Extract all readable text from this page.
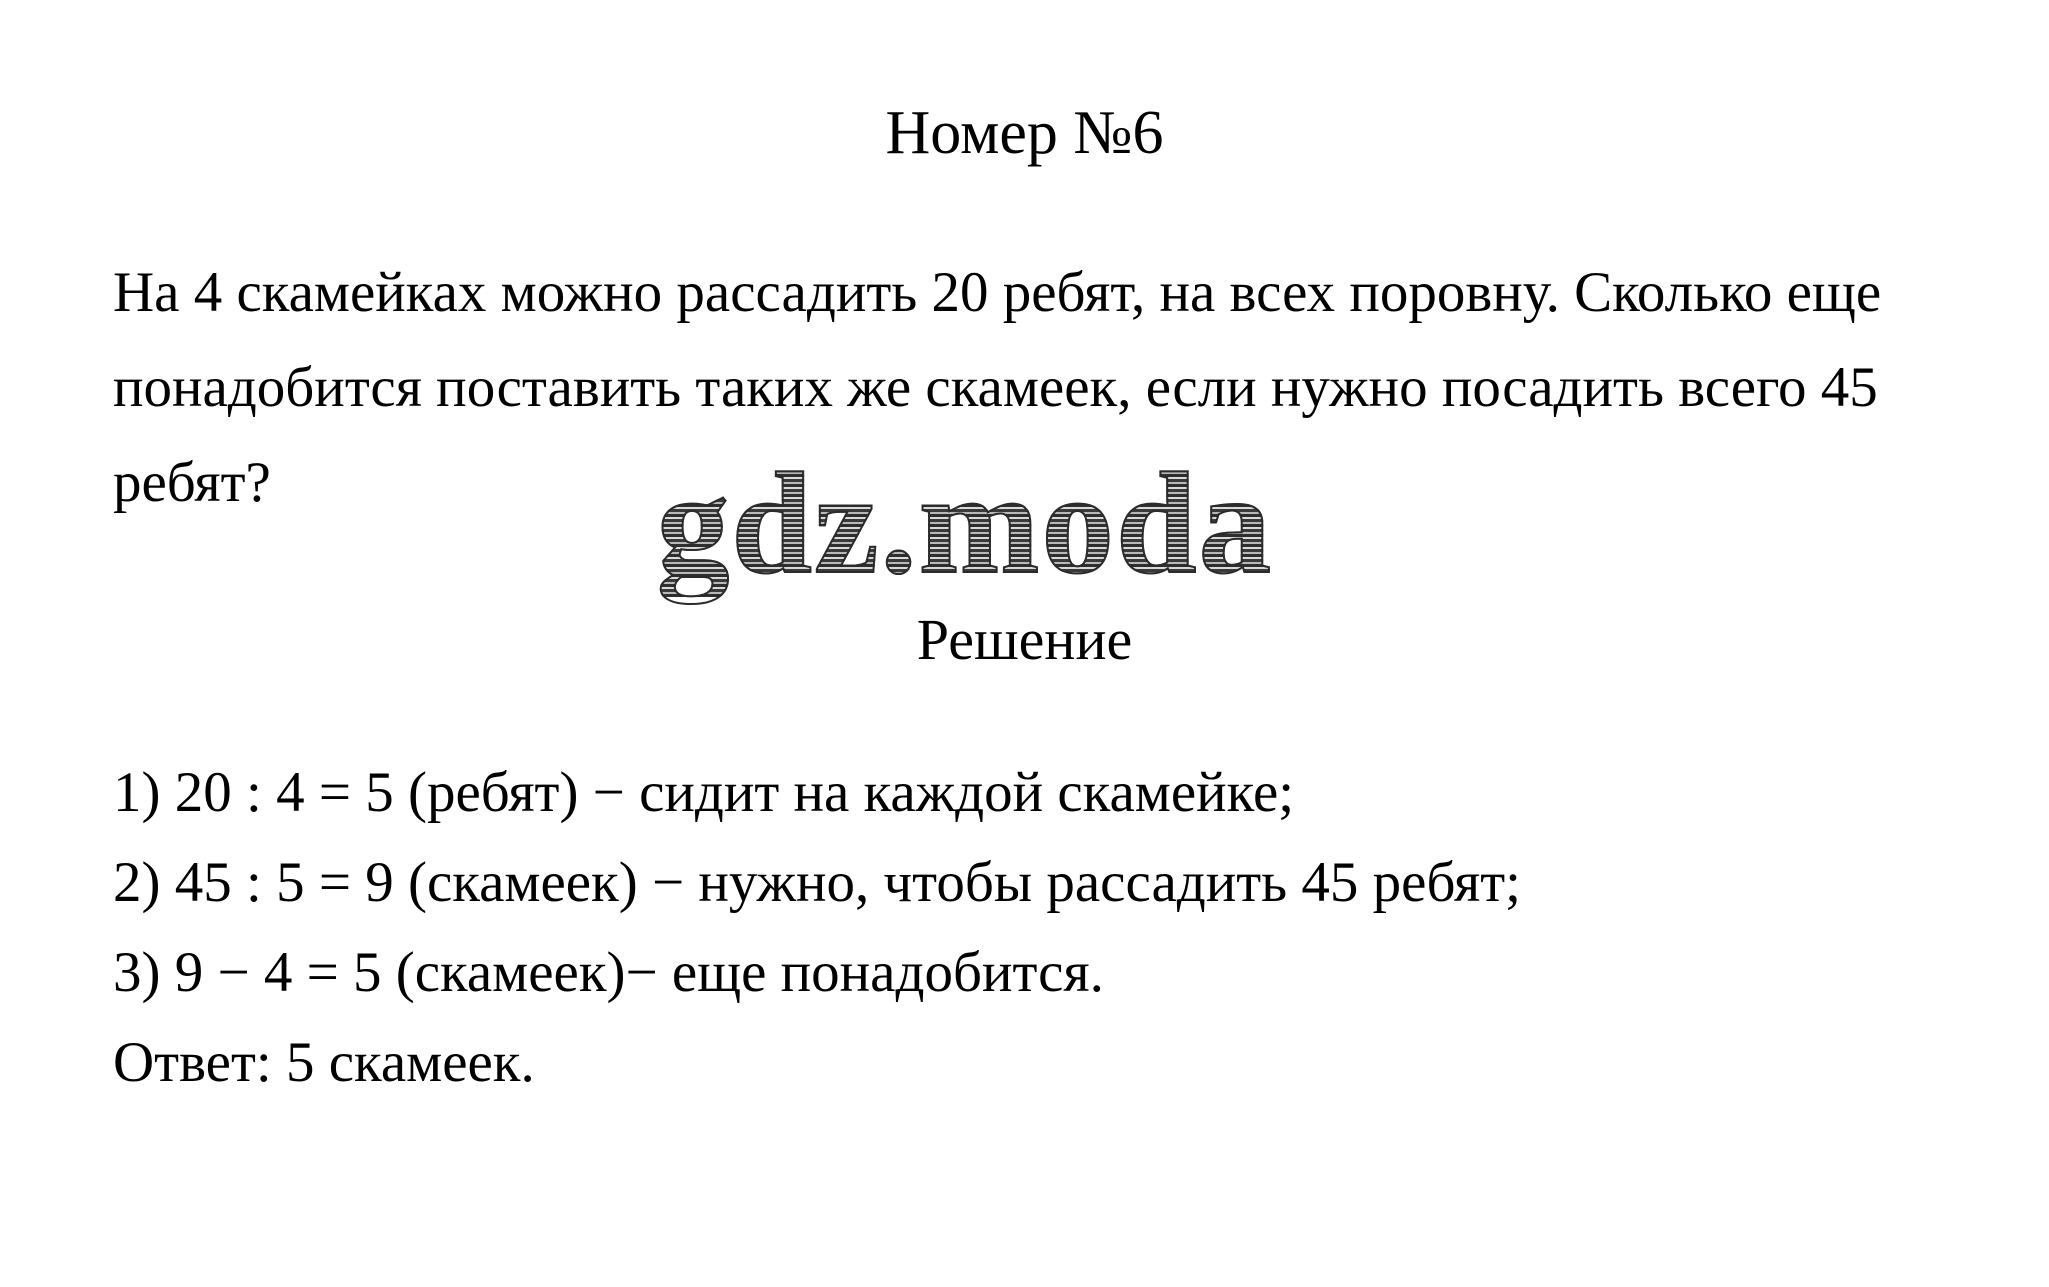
Номер №6

На 4 скамейках можно рассадить 20 ребят, на всех поровну. Сколько еще понадобится поставить таких же скамеек, если нужно посадить всего 45 ребят?	gdz.moda
Решение

1) 20 : 4 = 5 (ребят) − сидит на каждой скамейке;

2) 45 : 5 = 9 (скамеек) − нужно, чтобы рассадить 45 ребят;

3) 9 − 4 = 5 (скамеек)− еще понадобится.

Ответ: 5 скамеек.
